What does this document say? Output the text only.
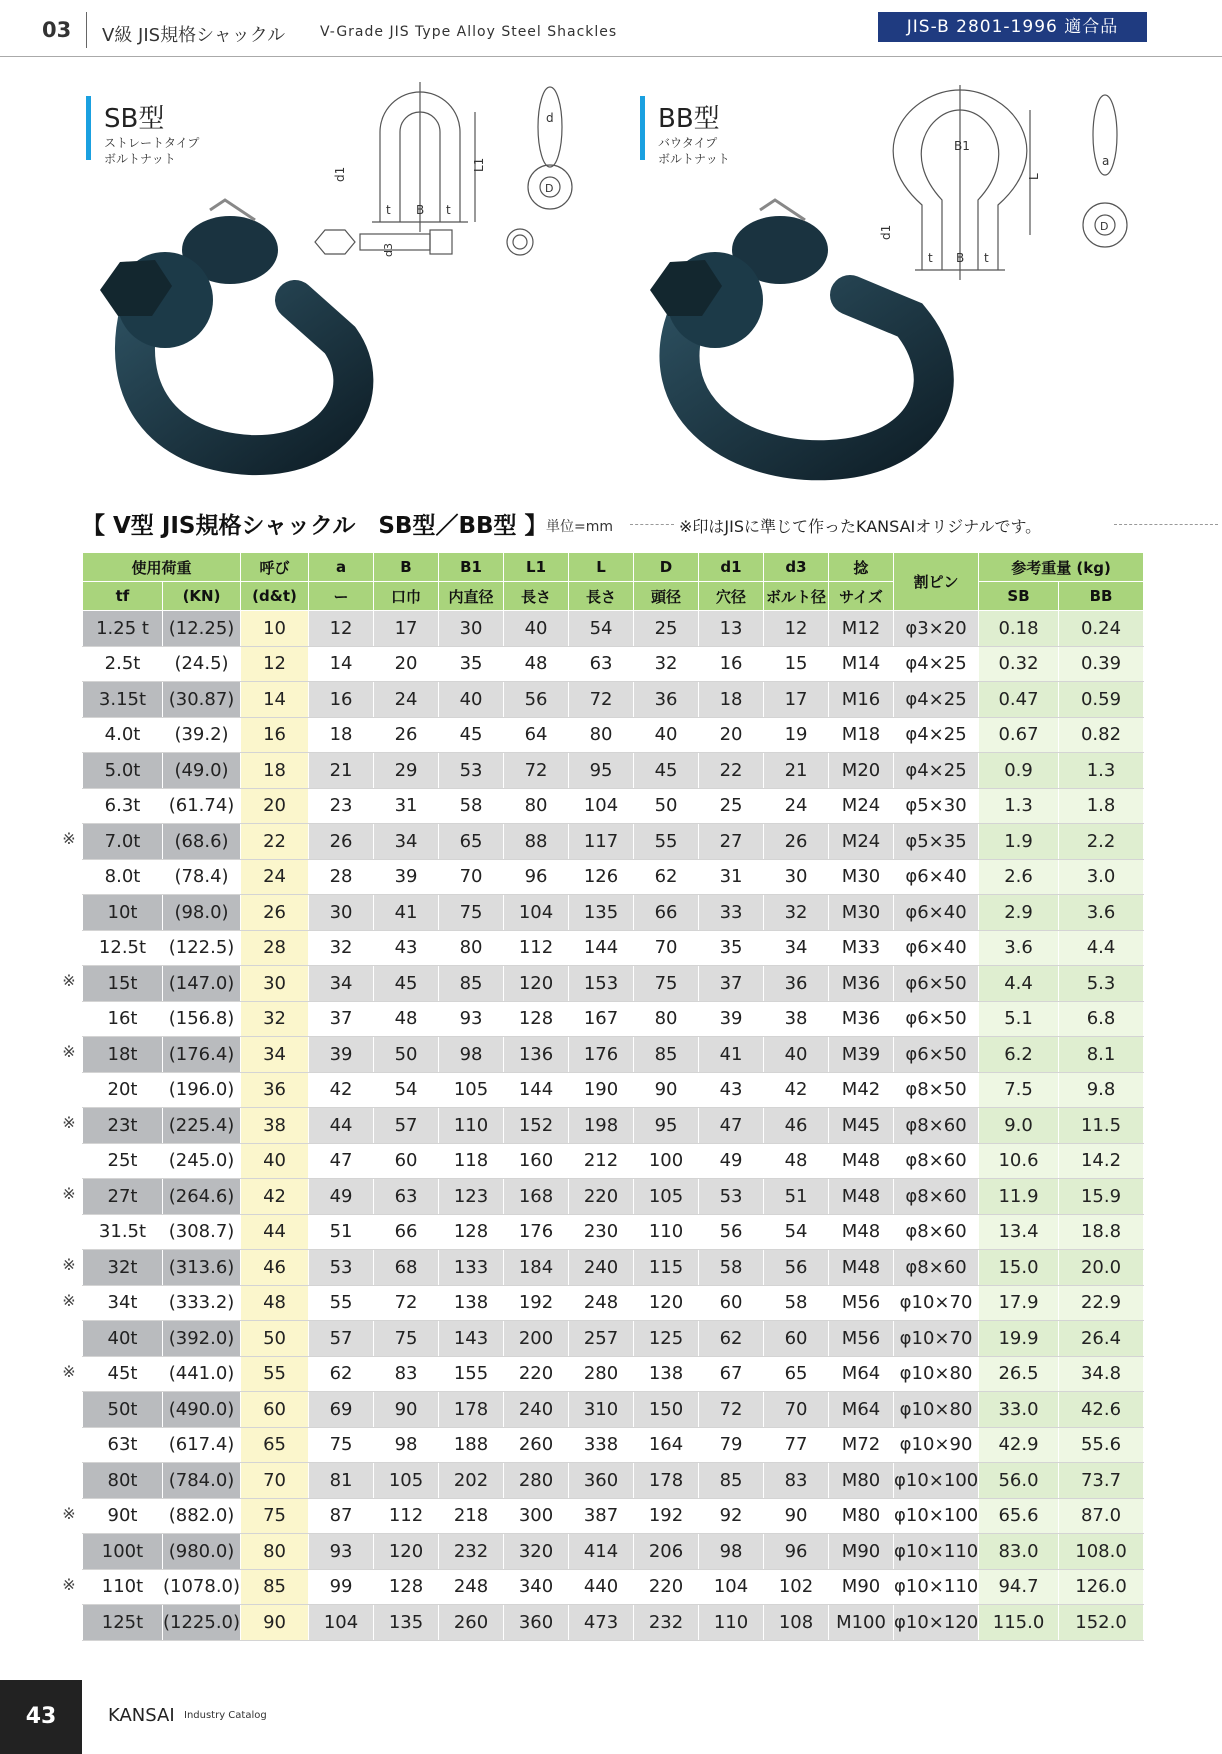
03 V級 JIS規格シャックル V-Grade JIS Type Alloy Steel Shackles	JIS-B 2801-1996 適合品
SB型
ストレートタイプ
ボルトナット
d1
t B t
L1
d
D
d3
BB型
バウタイプ
ボルトナット
B1
L
a
d1
t B t
D
【 V型 JIS規格シャックル　SB型／BB型 】
単位=mm	※印はJISに準じて作ったKANSAIオリジナルです。
使用荷重		呼び	a	B	B1	L1	L	D	d1	d3	捻	割ピン	参考重量 (kg)	
tf	(KN)	(d&t)	ー	口巾	内直径	長さ	長さ	頭径	穴径	ボルト径	サイズ		SB	BB
1.25 t	(12.25)	10	12	17	30	40	54	25	13	12	M12	φ3×20	0.18	0.24
2.5t	(24.5)	12	14	20	35	48	63	32	16	15	M14	φ4×25	0.32	0.39
3.15t	(30.87)	14	16	24	40	56	72	36	18	17	M16	φ4×25	0.47	0.59
4.0t	(39.2)	16	18	26	45	64	80	40	20	19	M18	φ4×25	0.67	0.82
5.0t	(49.0)	18	21	29	53	72	95	45	22	21	M20	φ4×25	0.9	1.3
6.3t	(61.74)	20	23	31	58	80	104	50	25	24	M24	φ5×30	1.3	1.8
7.0t	(68.6)	22	26	34	65	88	117	55	27	26	M24	φ5×35	1.9	2.2
8.0t	(78.4)	24	28	39	70	96	126	62	31	30	M30	φ6×40	2.6	3.0
10t	(98.0)	26	30	41	75	104	135	66	33	32	M30	φ6×40	2.9	3.6
12.5t	(122.5)	28	32	43	80	112	144	70	35	34	M33	φ6×40	3.6	4.4
15t	(147.0)	30	34	45	85	120	153	75	37	36	M36	φ6×50	4.4	5.3
16t	(156.8)	32	37	48	93	128	167	80	39	38	M36	φ6×50	5.1	6.8
18t	(176.4)	34	39	50	98	136	176	85	41	40	M39	φ6×50	6.2	8.1
20t	(196.0)	36	42	54	105	144	190	90	43	42	M42	φ8×50	7.5	9.8
23t	(225.4)	38	44	57	110	152	198	95	47	46	M45	φ8×60	9.0	11.5
25t	(245.0)	40	47	60	118	160	212	100	49	48	M48	φ8×60	10.6	14.2
27t	(264.6)	42	49	63	123	168	220	105	53	51	M48	φ8×60	11.9	15.9
31.5t	(308.7)	44	51	66	128	176	230	110	56	54	M48	φ8×60	13.4	18.8
32t	(313.6)	46	53	68	133	184	240	115	58	56	M48	φ8×60	15.0	20.0
34t	(333.2)	48	55	72	138	192	248	120	60	58	M56	φ10×70	17.9	22.9
40t	(392.0)	50	57	75	143	200	257	125	62	60	M56	φ10×70	19.9	26.4
45t	(441.0)	55	62	83	155	220	280	138	67	65	M64	φ10×80	26.5	34.8
50t	(490.0)	60	69	90	178	240	310	150	72	70	M64	φ10×80	33.0	42.6
63t	(617.4)	65	75	98	188	260	338	164	79	77	M72	φ10×90	42.9	55.6
80t	(784.0)	70	81	105	202	280	360	178	85	83	M80	φ10×100	56.0	73.7
90t	(882.0)	75	87	112	218	300	387	192	92	90	M80	φ10×100	65.6	87.0
100t	(980.0)	80	93	120	232	320	414	206	98	96	M90	φ10×110	83.0	108.0
110t	(1078.0)	85	99	128	248	340	440	220	104	102	M90	φ10×110	94.7	126.0
125t	(1225.0)	90	104	135	260	360	473	232	110	108	M100	φ10×120	115.0	152.0
※
※
※
※
※
※
※
※
※
※
43	KANSAI Industry Catalog
